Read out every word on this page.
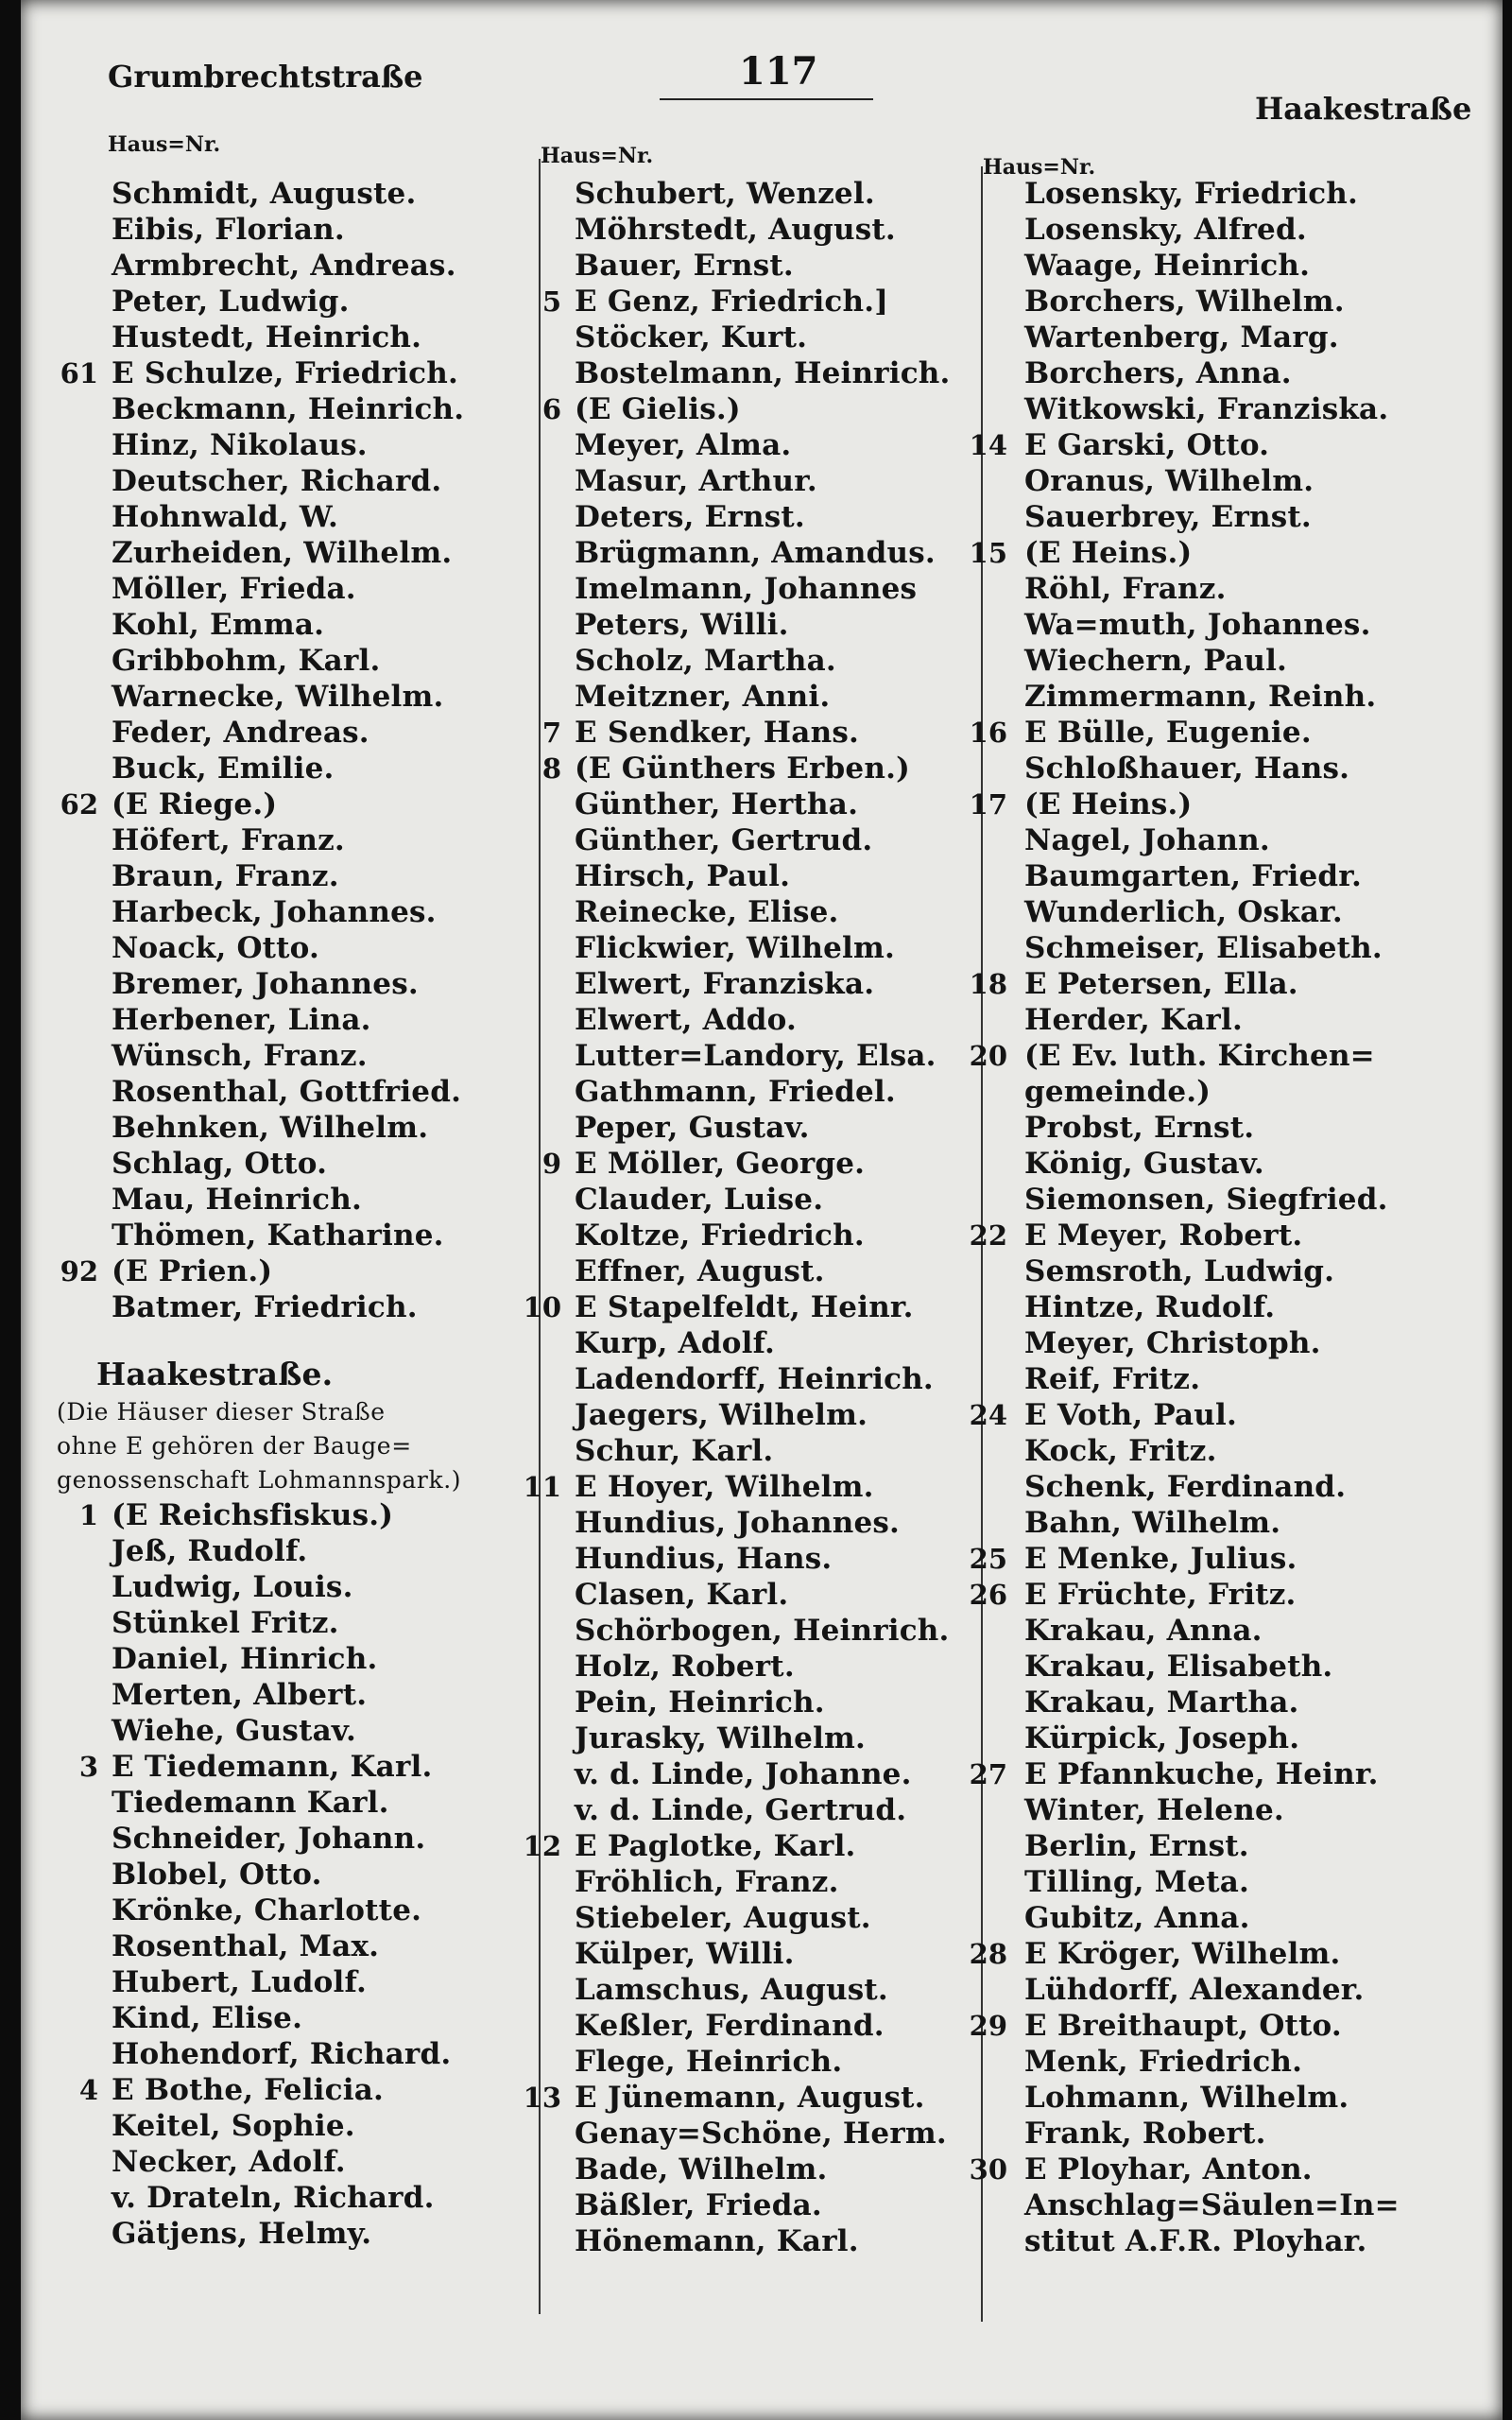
Grumbrechtstraße	117
Haakestraße
Haus=Nr.	Haus=Nr.	Haus=Nr.
Schmidt, Auguste.
Eibis, Florian.
Armbrecht, Andreas.
Peter, Ludwig.
Hustedt, Heinrich.
61 E Schulze, Friedrich.
Beckmann, Heinrich.
Hinz, Nikolaus.
Deutscher, Richard.
Hohnwald, W.
Zurheiden, Wilhelm.
Möller, Frieda.
Kohl, Emma.
Gribbohm, Karl.
Warnecke, Wilhelm.
Feder, Andreas.
Buck, Emilie.
62 (E Riege.)
Höfert, Franz.
Braun, Franz.
Harbeck, Johannes.
Noack, Otto.
Bremer, Johannes.
Herbener, Lina.
Wünsch, Franz.
Rosenthal, Gottfried.
Behnken, Wilhelm.
Schlag, Otto.
Mau, Heinrich.
Thömen, Katharine.
92 (E Prien.)
Batmer, Friedrich.
Haakestraße.
(Die Häuser dieser Straße
ohne E gehören der Bauge=
genossenschaft Lohmannspark.)
1 (E Reichsfiskus.)
Jeß, Rudolf.
Ludwig, Louis.
Stünkel Fritz.
Daniel, Hinrich.
Merten, Albert.
Wiehe, Gustav.
3 E Tiedemann, Karl.
Tiedemann Karl.
Schneider, Johann.
Blobel, Otto.
Krönke, Charlotte.
Rosenthal, Max.
Hubert, Ludolf.
Kind, Elise.
Hohendorf, Richard.
4 E Bothe, Felicia.
Keitel, Sophie.
Necker, Adolf.
v. Drateln, Richard.
Gätjens, Helmy.
Schubert, Wenzel.
Möhrstedt, August.
Bauer, Ernst.
5 E Genz, Friedrich.]
Stöcker, Kurt.
Bostelmann, Heinrich.
6 (E Gielis.)
Meyer, Alma.
Masur, Arthur.
Deters, Ernst.
Brügmann, Amandus.
Imelmann, Johannes
Peters, Willi.
Scholz, Martha.
Meitzner, Anni.
7 E Sendker, Hans.
8 (E Günthers Erben.)
Günther, Hertha.
Günther, Gertrud.
Hirsch, Paul.
Reinecke, Elise.
Flickwier, Wilhelm.
Elwert, Franziska.
Elwert, Addo.
Lutter=Landory, Elsa.
Gathmann, Friedel.
Peper, Gustav.
9 E Möller, George.
Clauder, Luise.
Koltze, Friedrich.
Effner, August.
10 E Stapelfeldt, Heinr.
Kurp, Adolf.
Ladendorff, Heinrich.
Jaegers, Wilhelm.
Schur, Karl.
11 E Hoyer, Wilhelm.
Hundius, Johannes.
Hundius, Hans.
Clasen, Karl.
Schörbogen, Heinrich.
Holz, Robert.
Pein, Heinrich.
Jurasky, Wilhelm.
v. d. Linde, Johanne.
v. d. Linde, Gertrud.
12 E Paglotke, Karl.
Fröhlich, Franz.
Stiebeler, August.
Külper, Willi.
Lamschus, August.
Keßler, Ferdinand.
Flege, Heinrich.
13 E Jünemann, August.
Genay=Schöne, Herm.
Bade, Wilhelm.
Bäßler, Frieda.
Hönemann, Karl.
Losensky, Friedrich.
Losensky, Alfred.
Waage, Heinrich.
Borchers, Wilhelm.
Wartenberg, Marg.
Borchers, Anna.
Witkowski, Franziska.
14 E Garski, Otto.
Oranus, Wilhelm.
Sauerbrey, Ernst.
15 (E Heins.)
Röhl, Franz.
Wa=muth, Johannes.
Wiechern, Paul.
Zimmermann, Reinh.
16 E Bülle, Eugenie.
Schloßhauer, Hans.
17 (E Heins.)
Nagel, Johann.
Baumgarten, Friedr.
Wunderlich, Oskar.
Schmeiser, Elisabeth.
18 E Petersen, Ella.
Herder, Karl.
20 (E Ev. luth. Kirchen=
gemeinde.)
Probst, Ernst.
König, Gustav.
Siemonsen, Siegfried.
22 E Meyer, Robert.
Semsroth, Ludwig.
Hintze, Rudolf.
Meyer, Christoph.
Reif, Fritz.
24 E Voth, Paul.
Kock, Fritz.
Schenk, Ferdinand.
Bahn, Wilhelm.
25 E Menke, Julius.
26 E Früchte, Fritz.
Krakau, Anna.
Krakau, Elisabeth.
Krakau, Martha.
Kürpick, Joseph.
27 E Pfannkuche, Heinr.
Winter, Helene.
Berlin, Ernst.
Tilling, Meta.
Gubitz, Anna.
28 E Kröger, Wilhelm.
Lühdorff, Alexander.
29 E Breithaupt, Otto.
Menk, Friedrich.
Lohmann, Wilhelm.
Frank, Robert.
30 E Ployhar, Anton.
Anschlag=Säulen=In=
stitut A.F.R. Ployhar.
